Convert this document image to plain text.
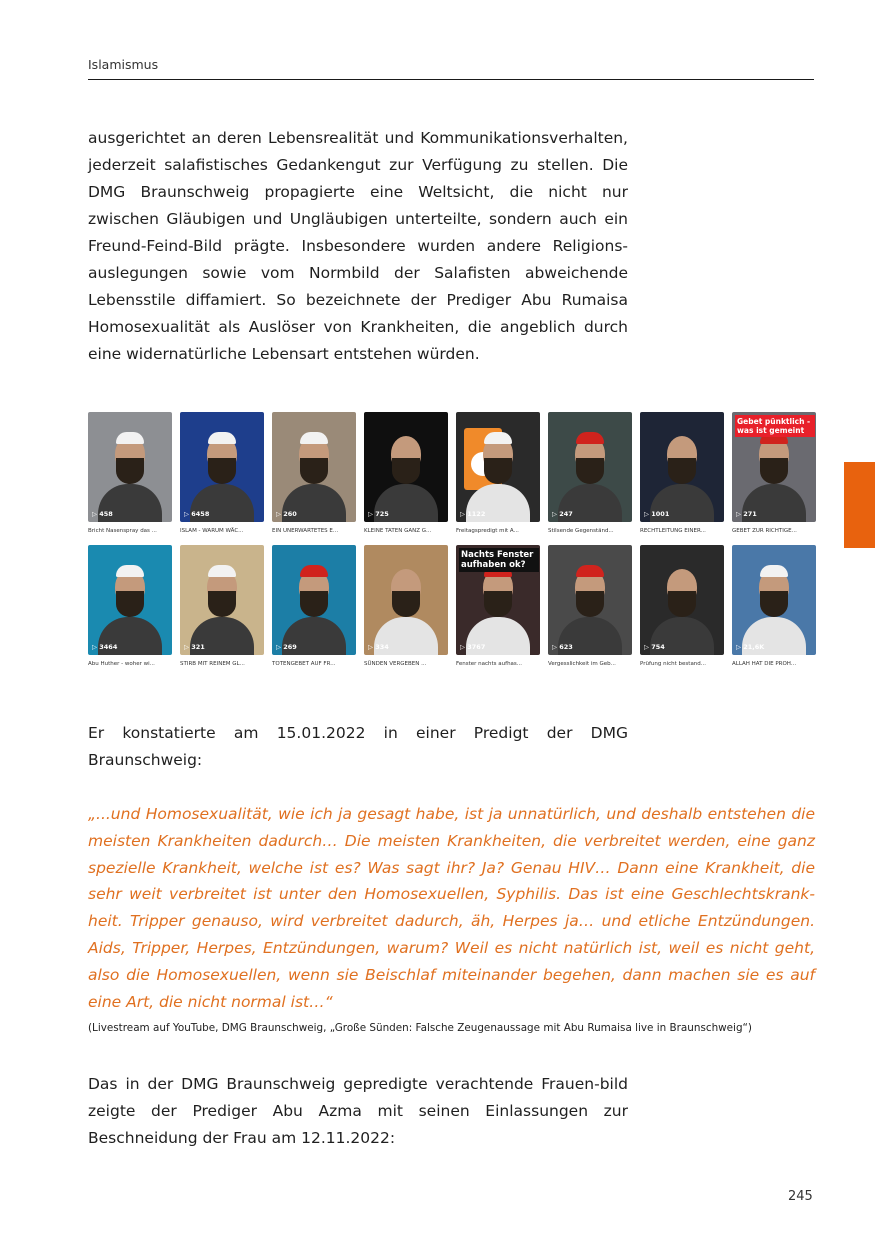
Islamismus

ausgerichtet an deren Lebensrealität und Kommunikationsverhalten, jederzeit salafistisches Gedankengut zur Verfügung zu stellen. Die DMG Braunschweig propagierte eine Weltsicht, die nicht nur zwischen Gläubigen und Ungläubigen unterteilte, sondern auch ein Freund-Feind-Bild prägte. Insbesondere wurden andere Religions-auslegungen sowie vom Normbild der Salafisten abweichende Lebensstile diffamiert. So bezeichnete der Prediger Abu Rumaisa Homosexualität als Auslöser von Krankheiten, die angeblich durch eine widernatürliche Lebensart entstehen würden.

▷ 458
Bricht Nasenspray das ...
▷ 6458
ISLAM - WARUM WÄC...
▷ 260
EIN UNERWARTETES E...
▷ 725
KLEINE TATEN GANZ G...
▷ 1122
Freitagspredigt mit A...
▷ 247
Stilsende Gegenständ...
▷ 1001
RECHTLEITUNG EINER...
Gebet pünktlich - was ist gemeint
▷ 271
GEBET ZUR RICHTIGE...
▷ 3464
Abu Huther - woher wi...
▷ 321
STIRB MIT REINEM GL...
▷ 269
TOTENGEBET AUF FR...
▷ 334
SÜNDEN VERGEBEN ...
Nachts Fenster aufhaben ok?
▷ 3767
Fenster nachts aufhas...
▷ 623
Vergesslichkeit im Geb...
▷ 754
Prüfung nicht bestand...
▷ 21,6K
ALLAH HAT DIE PROH...

Er konstatierte am 15.01.2022 in einer Predigt der DMG Braunschweig:

„...und Homosexualität, wie ich ja gesagt habe, ist ja unnatürlich, und deshalb entstehen die meisten Krankheiten dadurch… Die meisten Krankheiten, die verbreitet werden, eine ganz spezielle Krankheit, welche ist es? Was sagt ihr? Ja? Genau HIV… Dann eine Krankheit, die sehr weit verbreitet ist unter den Homosexuellen, Syphilis. Das ist eine Geschlechtskrank-heit. Tripper genauso, wird verbreitet dadurch, äh, Herpes ja… und etliche Entzündungen. Aids, Tripper, Herpes, Entzündungen, warum? Weil es nicht natürlich ist, weil es nicht geht, also die Homosexuellen, wenn sie Beischlaf miteinander begehen, dann machen sie es auf eine Art, die nicht normal ist…“

(Livestream auf YouTube, DMG Braunschweig, „Große Sünden: Falsche Zeugenaussage mit Abu Rumaisa live in Braunschweig“)

Das in der DMG Braunschweig gepredigte verachtende Frauen-bild zeigte der Prediger Abu Azma mit seinen Einlassungen zur Beschneidung der Frau am 12.11.2022:

245
